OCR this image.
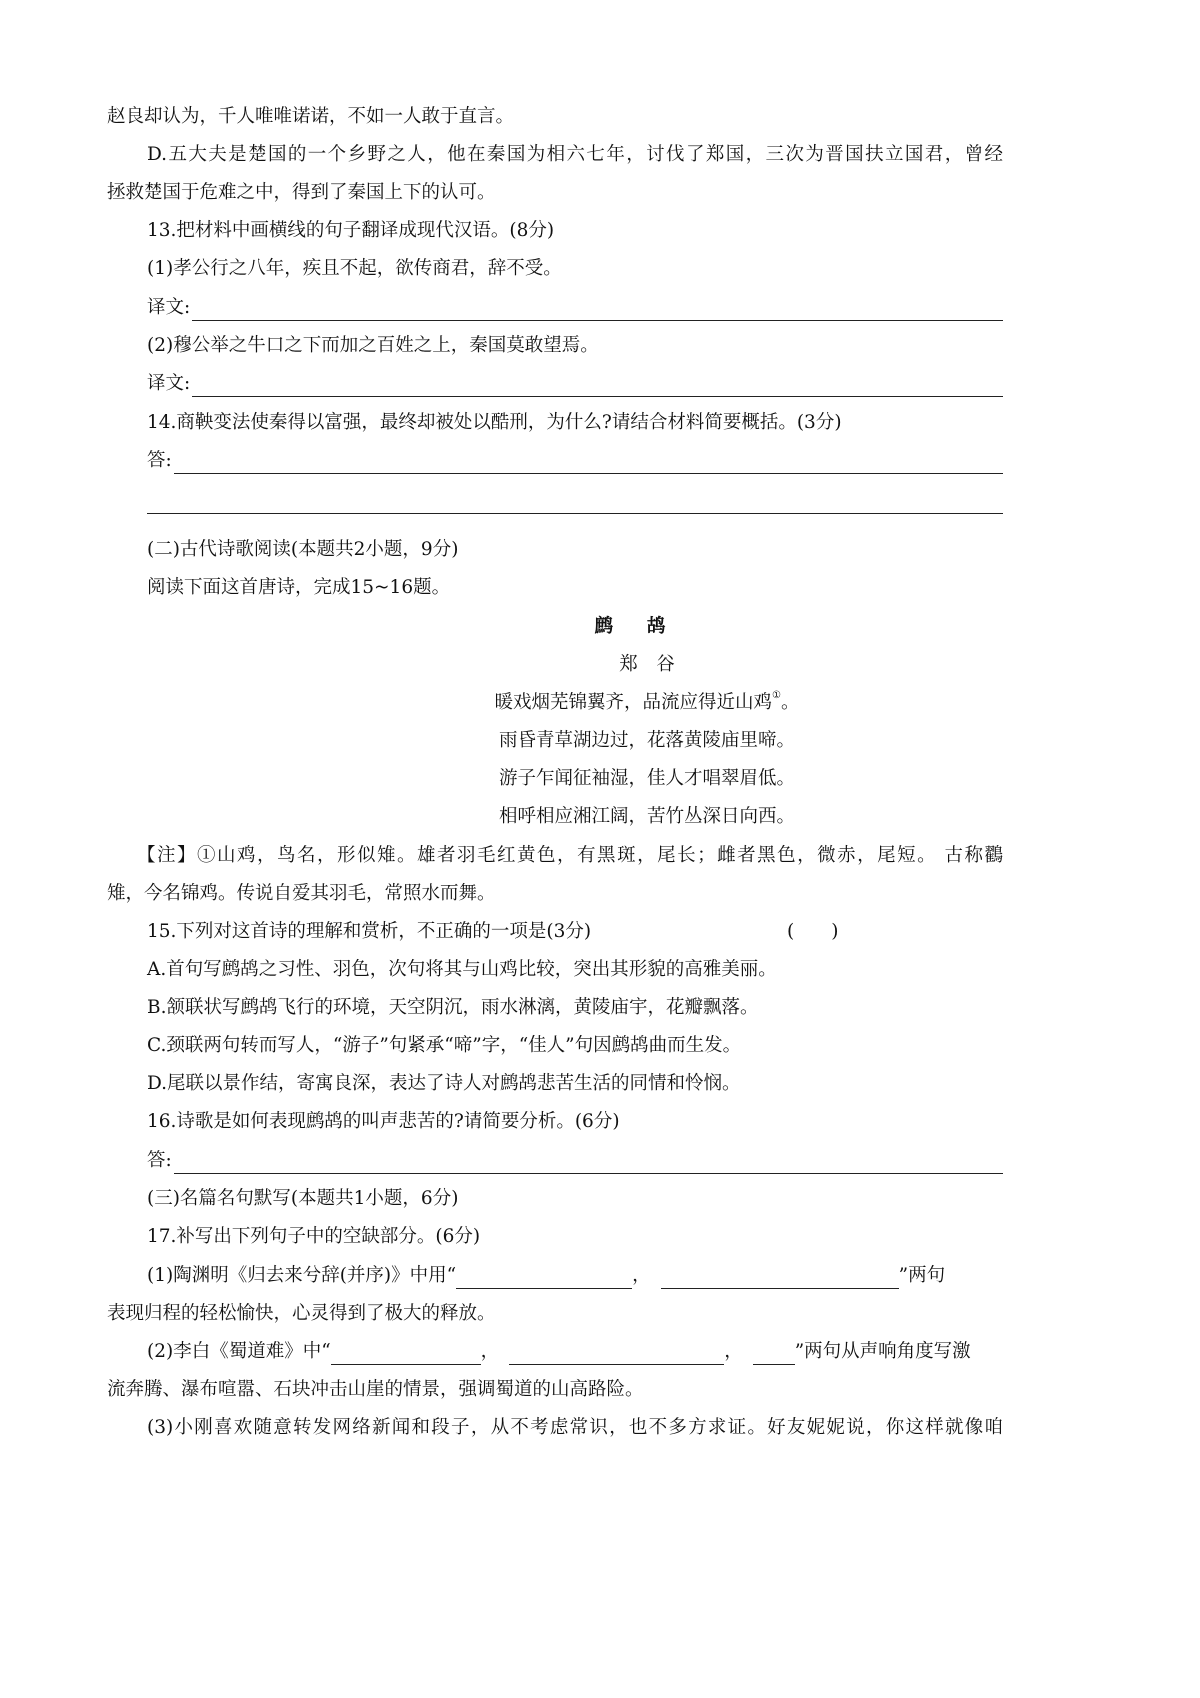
赵良却认为，千人唯唯诺诺，不如一人敢于直言。
D.五大夫是楚国的一个乡野之人，他在秦国为相六七年，讨伐了郑国，三次为晋国扶立国君，曾经
拯救楚国于危难之中，得到了秦国上下的认可。
13.把材料中画横线的句子翻译成现代汉语。(8分)
(1)孝公行之八年，疾且不起，欲传商君，辞不受。
译文:
(2)穆公举之牛口之下而加之百姓之上，秦国莫敢望焉。
译文:
14.商鞅变法使秦得以富强，最终却被处以酷刑，为什么?请结合材料简要概括。(3分)
答:
(二)古代诗歌阅读(本题共2小题，9分)
阅读下面这首唐诗，完成15~16题。
鹧鸪
郑　谷
暖戏烟芜锦翼齐，品流应得近山鸡①。
雨昏青草湖边过，花落黄陵庙里啼。
游子乍闻征袖湿，佳人才唱翠眉低。
相呼相应湘江阔，苦竹丛深日向西。
【注】①山鸡，鸟名，形似雉。雄者羽毛红黄色，有黑斑，尾长；雌者黑色，微赤，尾短。 古称鸐
雉，今名锦鸡。传说自爱其羽毛，常照水而舞。
15.下列对这首诗的理解和赏析，不正确的一项是(3分)	(　　)
A.首句写鹧鸪之习性、羽色，次句将其与山鸡比较，突出其形貌的高雅美丽。
B.颔联状写鹧鸪飞行的环境，天空阴沉，雨水淋漓，黄陵庙宇，花瓣飘落。
C.颈联两句转而写人，“游子”句紧承“啼”字，“佳人”句因鹧鸪曲而生发。
D.尾联以景作结，寄寓良深，表达了诗人对鹧鸪悲苦生活的同情和怜悯。
16.诗歌是如何表现鹧鸪的叫声悲苦的?请简要分析。(6分)
答:
(三)名篇名句默写(本题共1小题，6分)
17.补写出下列句子中的空缺部分。(6分)
(1)陶渊明《归去来兮辞(并序)》中用“	，	”两句
表现归程的轻松愉快，心灵得到了极大的释放。
(2)李白《蜀道难》中“	，	，	”两句从声响角度写激
流奔腾、瀑布喧嚣、石块冲击山崖的情景，强调蜀道的山高路险。
(3)小刚喜欢随意转发网络新闻和段子，从不考虑常识，也不多方求证。好友妮妮说，你这样就像咱
